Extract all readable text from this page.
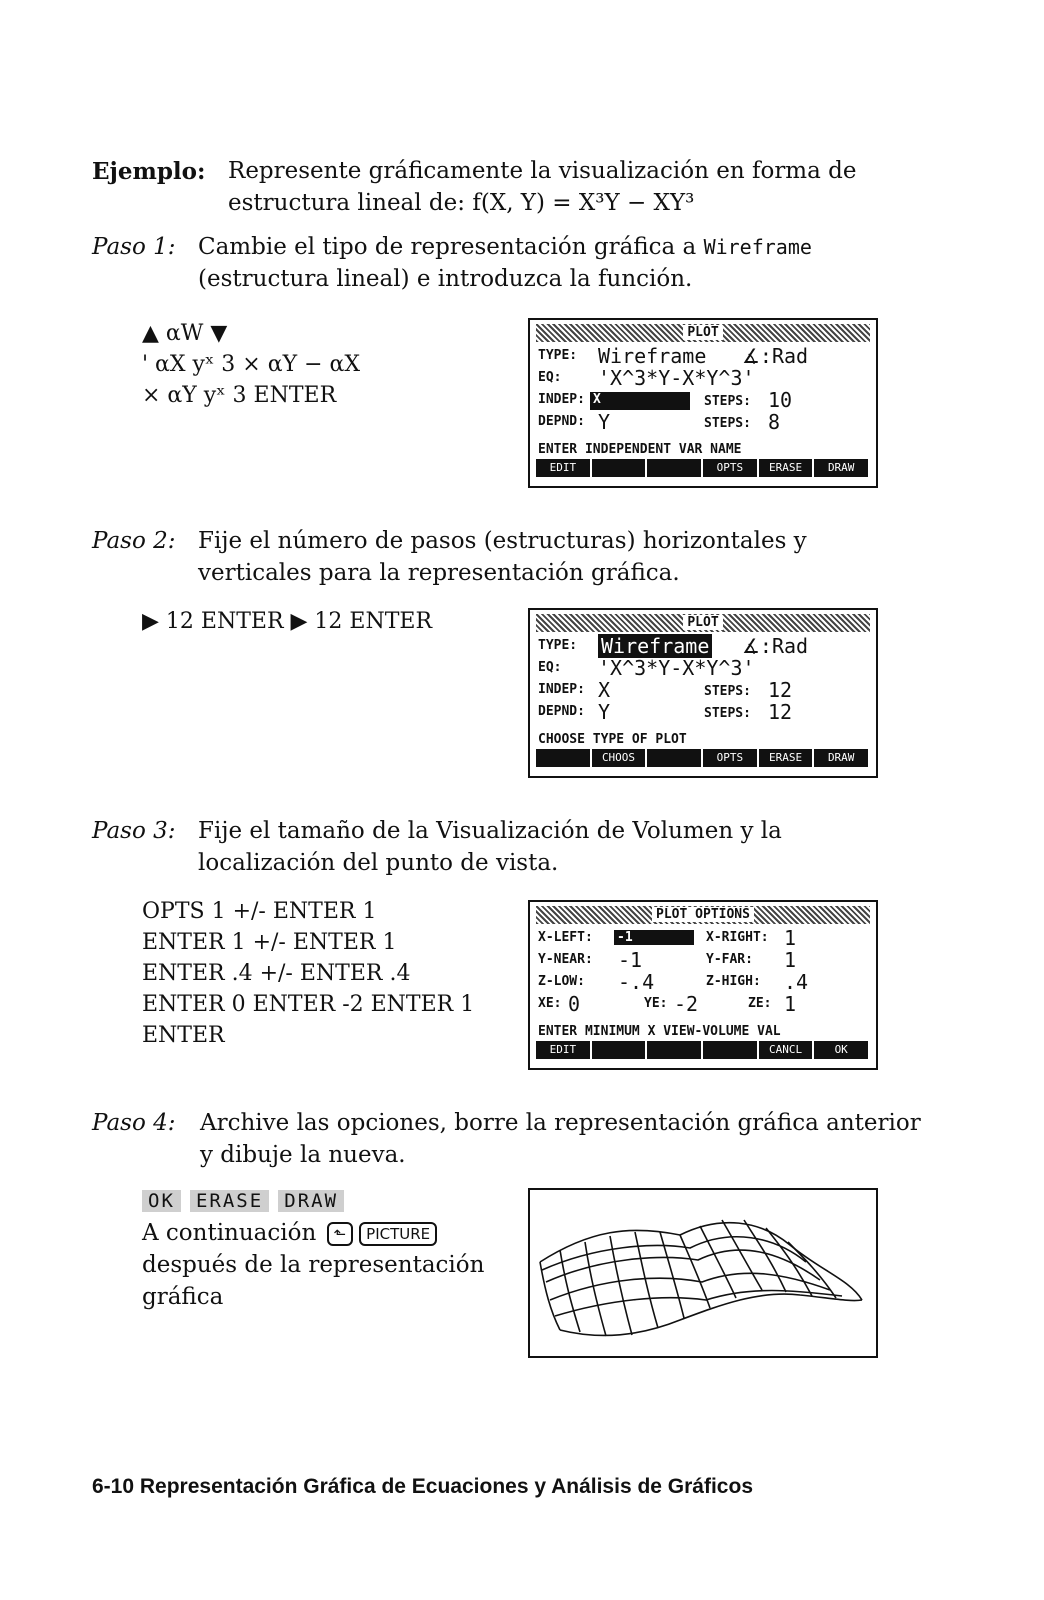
Ejemplo: Represente gráficamente la visualización en forma de
estructura lineal de: f(X, Y) = X³Y − XY³
Paso 1: Cambie el tipo de representación gráfica a Wireframe
(estructura lineal) e introduzca la función.
▲ αW ▼
' αX yˣ 3 × αY − αX
× αY yˣ 3 ENTER
PLOT
TYPE: Wireframe ∡:Rad
EQ: 'X^3*Y-X*Y^3'
INDEP: X	STEPS: 10
DEPND: Y	STEPS: 8
ENTER INDEPENDENT VAR NAME
EDIT	OPTS	ERASE	DRAW
Paso 2: Fije el número de pasos (estructuras) horizontales y
verticales para la representación gráfica.
▶ 12 ENTER ▶ 12 ENTER	PLOT
TYPE: Wireframe ∡:Rad
EQ: 'X^3*Y-X*Y^3'
INDEP: X	STEPS: 12
DEPND: Y	STEPS: 12
CHOOSE TYPE OF PLOT
CHOOS	OPTS	ERASE	DRAW
Paso 3: Fije el tamaño de la Visualización de Volumen y la
localización del punto de vista.
OPTS 1 +/- ENTER 1
ENTER 1 +/- ENTER 1
ENTER .4 +/- ENTER .4
ENTER 0 ENTER -2 ENTER 1
ENTER
PLOT OPTIONS
X-LEFT: -1	X-RIGHT: 1
Y-NEAR: -1	Y-FAR: 1
Z-LOW: -.4	Z-HIGH: .4
XE: 0	YE: -2	ZE: 1
ENTER MINIMUM X VIEW-VOLUME VAL
EDIT	CANCL	OK
Paso 4: Archive las opciones, borre la representación gráfica anterior
y dibuje la nueva.
OK ERASE DRAW
A continuación ⬑ PICTURE
después de la representación
gráfica
6-10 Representación Gráfica de Ecuaciones y Análisis de Gráficos
